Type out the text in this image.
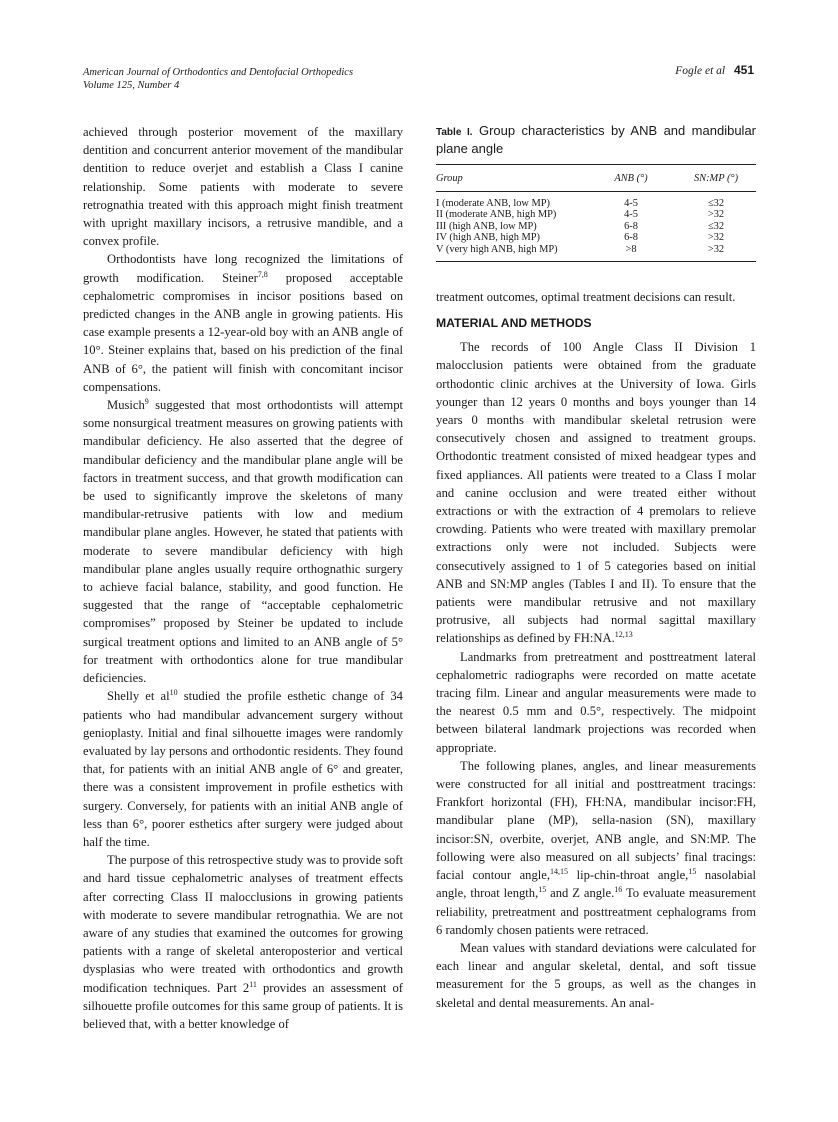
American Journal of Orthodontics and Dentofacial Orthopedics
Volume 125, Number 4
Fogle et al 451

achieved through posterior movement of the maxillary dentition and concurrent anterior movement of the mandibular dentition to reduce overjet and establish a Class I canine relationship. Some patients with moderate to severe retrognathia treated with this approach might finish treatment with upright maxillary incisors, a retrusive mandible, and a convex profile.

Orthodontists have long recognized the limitations of growth modification. Steiner$^{7,8}$ proposed acceptable cephalometric compromises in incisor positions based on predicted changes in the ANB angle in growing patients. His case example presents a 12-year-old boy with an ANB angle of 10°. Steiner explains that, based on his prediction of the final ANB of 6°, the patient will finish with concomitant incisor compensations.

Musich$^9$ suggested that most orthodontists will attempt some nonsurgical treatment measures on growing patients with mandibular deficiency. He also asserted that the degree of mandibular deficiency and the mandibular plane angle will be factors in treatment success, and that growth modification can be used to significantly improve the skeletons of many mandibular-retrusive patients with low and medium mandibular plane angles. However, he stated that patients with moderate to severe mandibular deficiency with high mandibular plane angles usually require orthognathic surgery to achieve facial balance, stability, and good function. He suggested that the range of “acceptable cephalometric compromises” proposed by Steiner be updated to include surgical treatment options and limited to an ANB angle of 5° for treatment with orthodontics alone for true mandibular deficiencies.

Shelly et $al^{10}$ studied the profile esthetic change of 34 patients who had mandibular advancement surgery without genioplasty. Initial and final silhouette images were randomly evaluated by lay persons and orthodontic residents. They found that, for patients with an initial ANB angle of 6° and greater, there was a consistent improvement in profile esthetics with surgery. Conversely, for patients with an initial ANB angle of less than 6°, poorer esthetics after surgery were judged about half the time.

The purpose of this retrospective study was to provide soft and hard tissue cephalometric analyses of treatment effects after correcting Class II malocclusions in growing patients with moderate to severe mandibular retrognathia. We are not aware of any studies that examined the outcomes for growing patients with a range of skeletal anteroposterior and vertical dysplasias who were treated with orthodontics and growth modification techniques. Part $2^{11}$ provides an assessment of silhouette profile outcomes for this same group of patients. It is believed that, with a better knowledge of

Table I. Group characteristics by ANB and mandibular plane angle
Group	ANB (°)	SN:MP (°)
I (moderate ANB, low MP)	4-5	≤32
II (moderate ANB, high MP)	4-5	>32
III (high ANB, low MP)	6-8	≤32
IV (high ANB, high MP)	6-8	>32
V (very high ANB, high MP)	>8	>32

treatment outcomes, optimal treatment decisions can result.

MATERIAL AND METHODS

The records of 100 Angle Class II Division 1 malocclusion patients were obtained from the graduate orthodontic clinic archives at the University of Iowa. Girls younger than 12 years 0 months and boys younger than 14 years 0 months with mandibular skeletal retrusion were consecutively chosen and assigned to treatment groups. Orthodontic treatment consisted of mixed headgear types and fixed appliances. All patients were treated to a Class I molar and canine occlusion and were treated either without extractions or with the extraction of 4 premolars to relieve crowding. Patients who were treated with maxillary premolar extractions only were not included. Subjects were consecutively assigned to 1 of 5 categories based on initial ANB and SN:MP angles (Tables I and II). To ensure that the patients were mandibular retrusive and not maxillary protrusive, all subjects had normal sagittal maxillary relationships as defined by FH:NA.$^{12,13}$

Landmarks from pretreatment and posttreatment lateral cephalometric radiographs were recorded on matte acetate tracing film. Linear and angular measurements were made to the nearest 0.5 mm and 0.5°, respectively. The midpoint between bilateral landmark projections was recorded when appropriate.

The following planes, angles, and linear measurements were constructed for all initial and posttreatment tracings: Frankfort horizontal (FH), FH:NA, mandibular incisor:FH, mandibular plane (MP), sella-nasion (SN), maxillary incisor:SN, overbite, overjet, ANB angle, and SN:MP. The following were also measured on all subjects’ final tracings: facial contour angle,$^{14,15}$ lip-chin-throat angle,$^{15}$ nasolabial angle, throat length,$^{15}$ and Z angle.$^{16}$ To evaluate measurement reliability, pretreatment and posttreatment cephalograms from 6 randomly chosen patients were retraced.

Mean values with standard deviations were calculated for each linear and angular skeletal, dental, and soft tissue measurement for the 5 groups, as well as the changes in skeletal and dental measurements. An anal-
